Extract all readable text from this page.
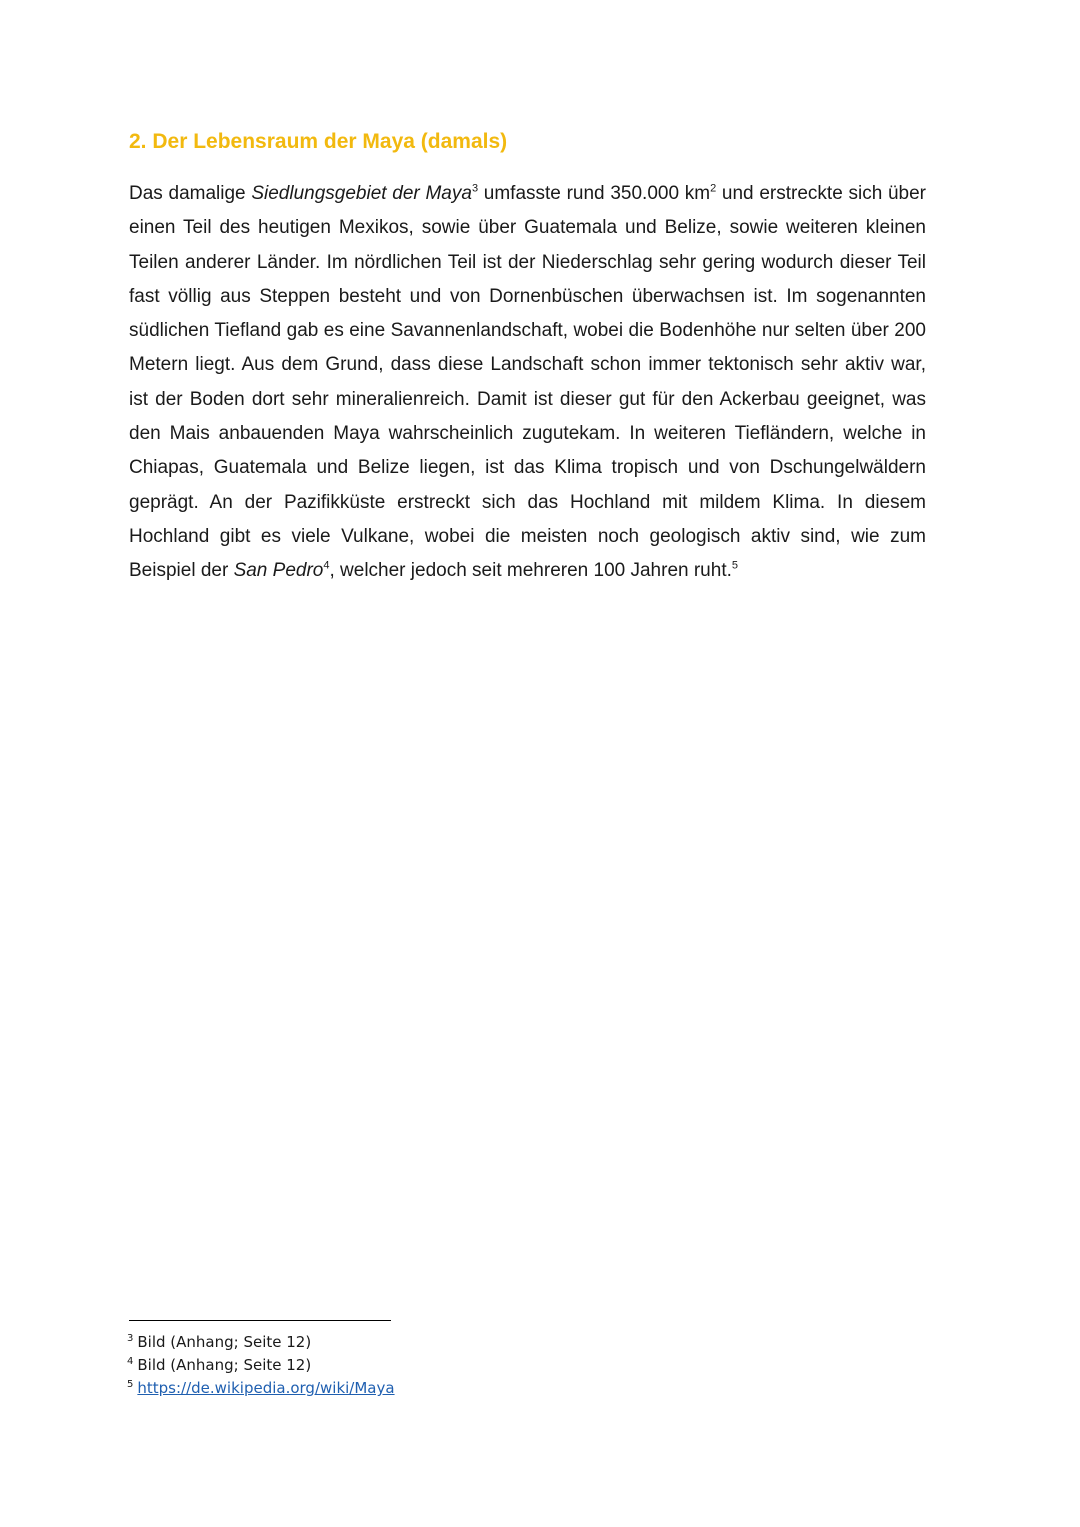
2. Der Lebensraum der Maya (damals)

Das damalige Siedlungsgebiet der Maya$^3$ umfasste rund 350.000 $km^2$ und erstreckte sich über einen Teil des heutigen Mexikos, sowie über Guatemala und Belize, sowie weiteren kleinen Teilen anderer Länder. Im nördlichen Teil ist der Niederschlag sehr gering wodurch dieser Teil fast völlig aus Steppen besteht und von Dornenbüschen überwachsen ist. Im sogenannten südlichen Tiefland gab es eine Savannenlandschaft, wobei die Bodenhöhe nur selten über 200 Metern liegt. Aus dem Grund, dass diese Landschaft schon immer tektonisch sehr aktiv war, ist der Boden dort sehr mineralienreich. Damit ist dieser gut für den Ackerbau geeignet, was den Mais anbauenden Maya wahrscheinlich zugutekam. In weiteren Tiefländern, welche in Chiapas, Guatemala und Belize liegen, ist das Klima tropisch und von Dschungelwäldern geprägt. An der Pazifikküste erstreckt sich das Hochland mit mildem Klima. In diesem Hochland gibt es viele Vulkane, wobei die meisten noch geologisch aktiv sind, wie zum Beispiel der San Pedro$^4$, welcher jedoch seit mehreren 100 Jahren ruht.$^5$

$^3$ Bild (Anhang; Seite 12)
$^4$ Bild (Anhang; Seite 12)
$^5$ https://de.wikipedia.org/wiki/Maya
